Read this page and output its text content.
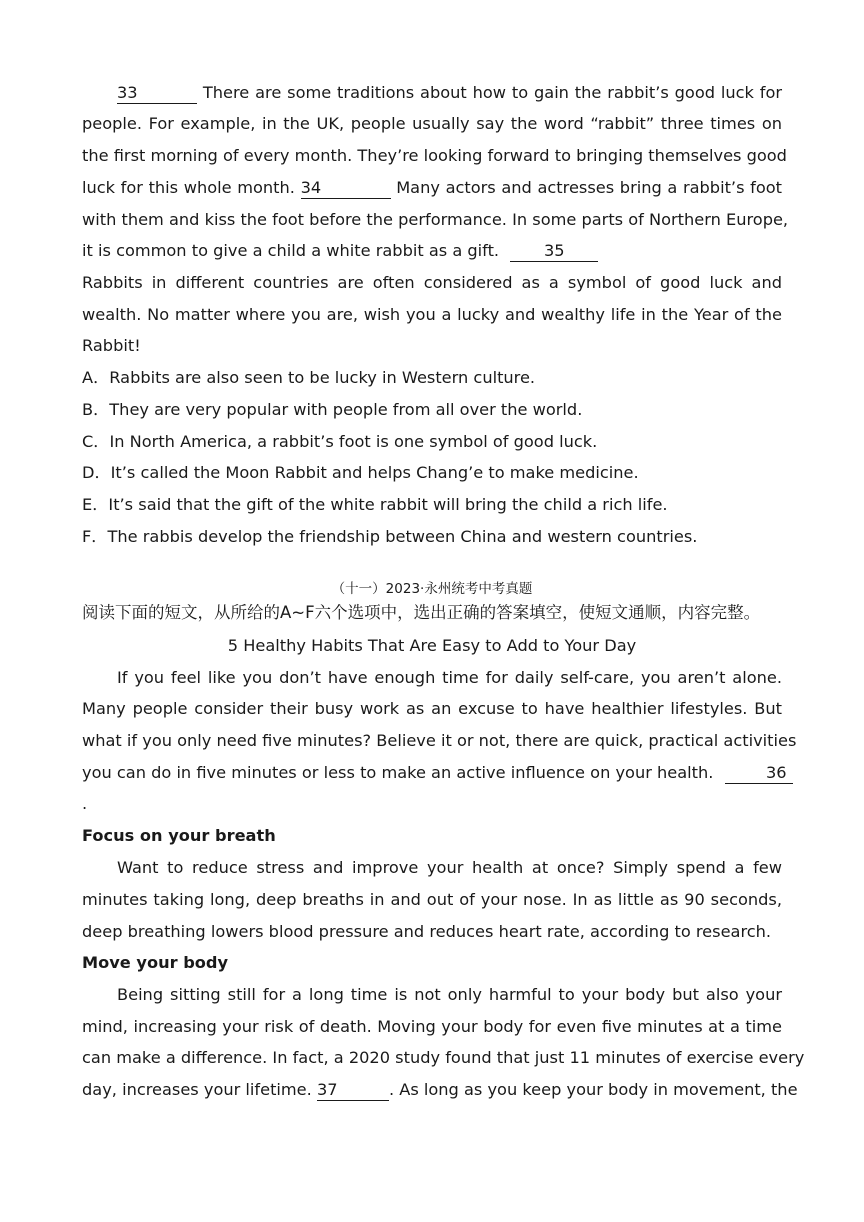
33	There are some traditions about how to gain the rabbit’s good luck for
people. For example, in the UK, people usually say the word “rabbit” three times on
the first morning of every month. They’re looking forward to bringing themselves good
luck for this whole month. 34	Many actors and actresses bring a rabbit’s foot
with them and kiss the foot before the performance. In some parts of Northern Europe,
it is common to give a child a white rabbit as a gift.	35
Rabbits in different countries are often considered as a symbol of good luck and
wealth. No matter where you are, wish you a lucky and wealthy life in the Year of the
Rabbit!
A．Rabbits are also seen to be lucky in Western culture.
B．They are very popular with people from all over the world.
C．In North America, a rabbit’s foot is one symbol of good luck.
D．It’s called the Moon Rabbit and helps Chang’e to make medicine.
E．It’s said that the gift of the white rabbit will bring the child a rich life.
F．The rabbis develop the friendship between China and western countries.
（十一）2023·永州统考中考真题
阅读下面的短文，从所给的A~F六个选项中，选出正确的答案填空，使短文通顺，内容完整。
5 Healthy Habits That Are Easy to Add to Your Day
If you feel like you don’t have enough time for daily self-care, you aren’t alone.
Many people consider their busy work as an excuse to have healthier lifestyles. But
what if you only need five minutes? Believe it or not, there are quick, practical activities
you can do in five minutes or less to make an active influence on your health.	36
.
Focus on your breath
Want to reduce stress and improve your health at once? Simply spend a few
minutes taking long, deep breaths in and out of your nose. In as little as 90 seconds,
deep breathing lowers blood pressure and reduces heart rate, according to research.
Move your body
Being sitting still for a long time is not only harmful to your body but also your
mind, increasing your risk of death. Moving your body for even five minutes at a time
can make a difference. In fact, a 2020 study found that just 11 minutes of exercise every
day, increases your lifetime. 37	. As long as you keep your body in movement, the
